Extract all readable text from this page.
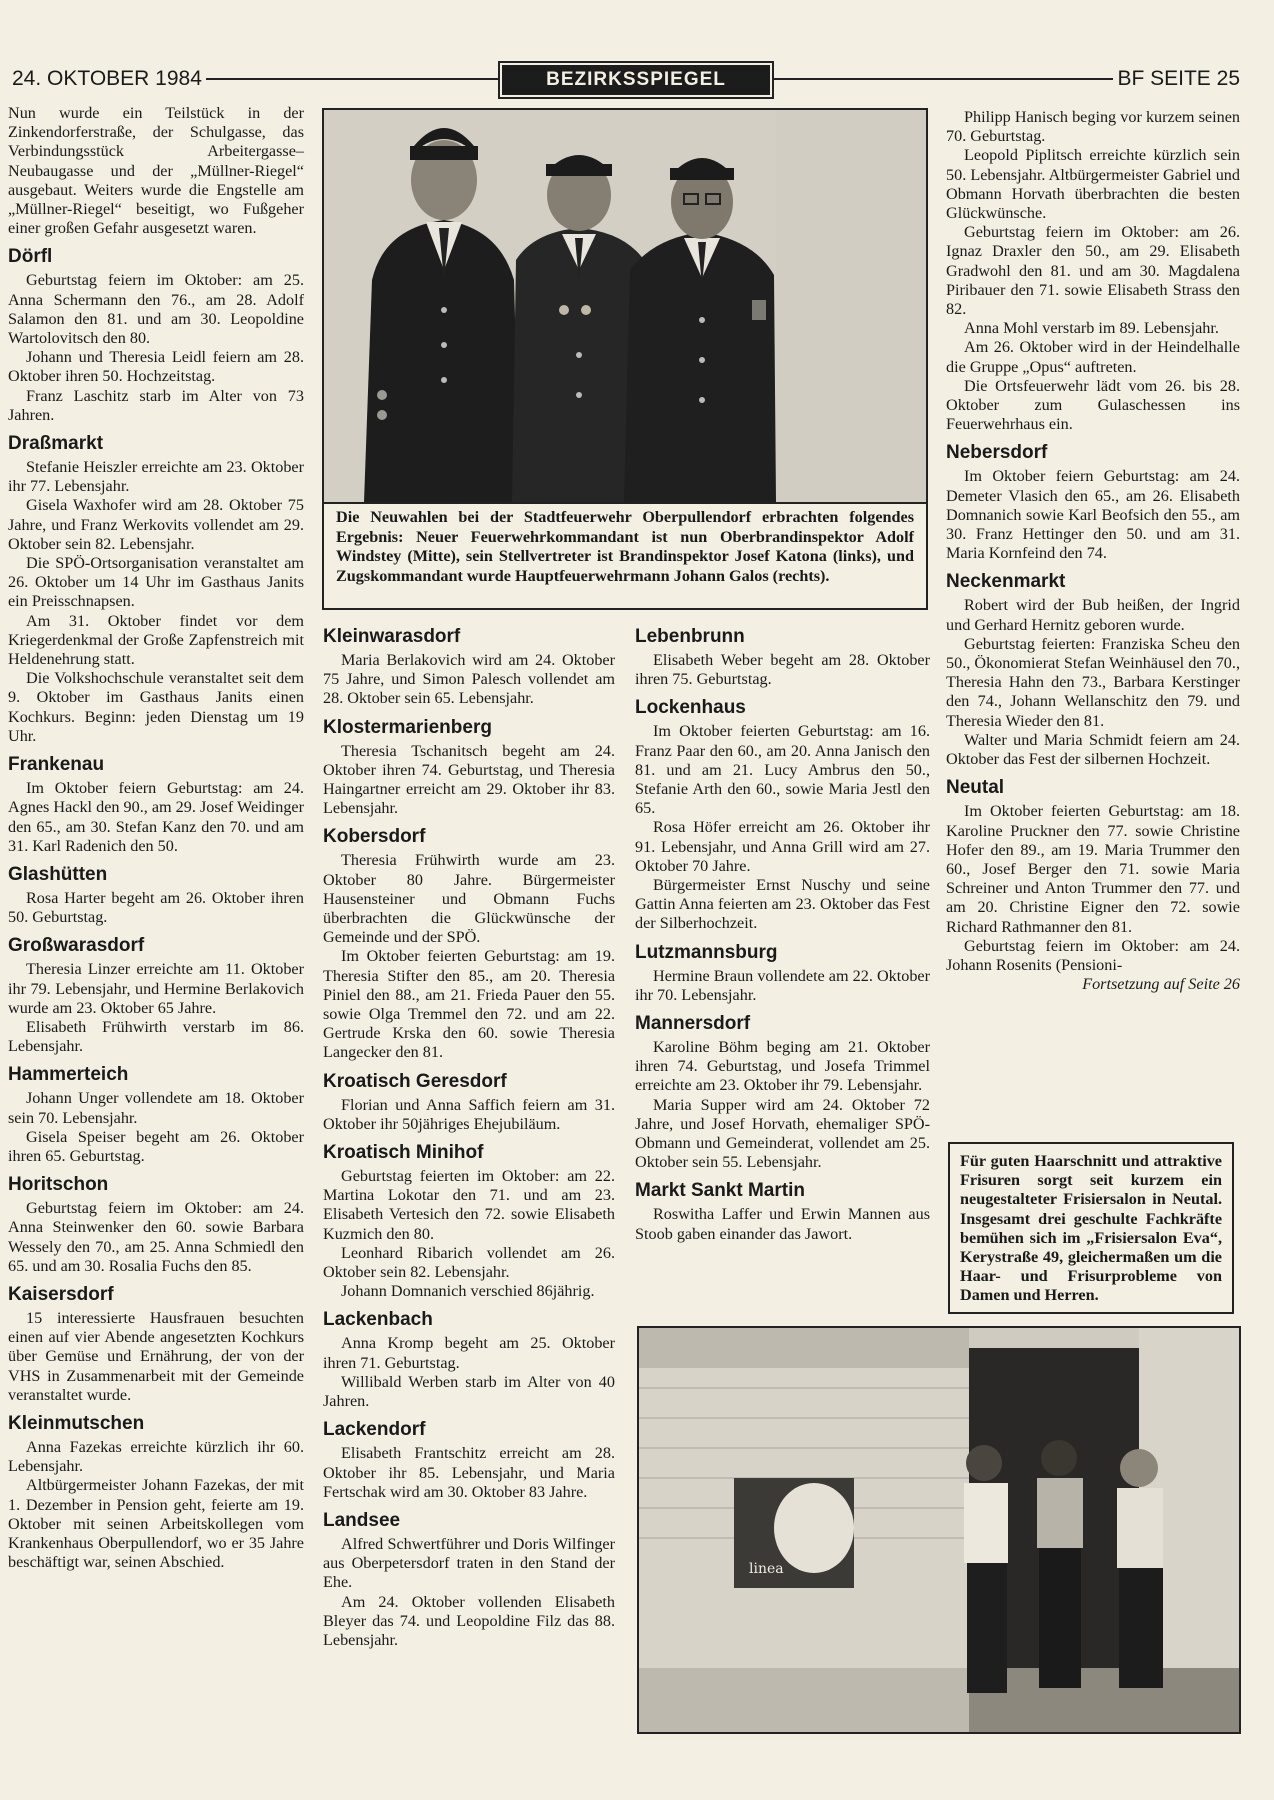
24. OKTOBER 1984	BEZIRKSSPIEGEL	BF SEITE 25

Nun wurde ein Teilstück in der Zinkendorferstraße, der Schulgasse, das Verbindungsstück Arbeitergasse–Neubaugasse und der „Müllner-Riegel“ ausgebaut. Weiters wurde die Engstelle am „Müllner-Riegel“ beseitigt, wo Fußgeher einer großen Gefahr ausgesetzt waren.

Dörfl

Geburtstag feiern im Oktober: am 25. Anna Schermann den 76., am 28. Adolf Salamon den 81. und am 30. Leopoldine Wartolovitsch den 80.

Johann und Theresia Leidl feiern am 28. Oktober ihren 50. Hochzeitstag.

Franz Laschitz starb im Alter von 73 Jahren.

Draßmarkt

Stefanie Heiszler erreichte am 23. Oktober ihr 77. Lebensjahr.

Gisela Waxhofer wird am 28. Oktober 75 Jahre, und Franz Werkovits vollendet am 29. Oktober sein 82. Lebensjahr.

Die SPÖ-Ortsorganisation veranstaltet am 26. Oktober um 14 Uhr im Gasthaus Janits ein Preisschnapsen.

Am 31. Oktober findet vor dem Kriegerdenkmal der Große Zapfenstreich mit Heldenehrung statt.

Die Volkshochschule veranstaltet seit dem 9. Oktober im Gasthaus Janits einen Kochkurs. Beginn: jeden Dienstag um 19 Uhr.

Frankenau

Im Oktober feiern Geburtstag: am 24. Agnes Hackl den 90., am 29. Josef Weidinger den 65., am 30. Stefan Kanz den 70. und am 31. Karl Radenich den 50.

Glashütten

Rosa Harter begeht am 26. Oktober ihren 50. Geburtstag.

Großwarasdorf

Theresia Linzer erreichte am 11. Oktober ihr 79. Lebensjahr, und Hermine Berlakovich wurde am 23. Oktober 65 Jahre.

Elisabeth Frühwirth verstarb im 86. Lebensjahr.

Hammerteich

Johann Unger vollendete am 18. Oktober sein 70. Lebensjahr.

Gisela Speiser begeht am 26. Oktober ihren 65. Geburtstag.

Horitschon

Geburtstag feiern im Oktober: am 24. Anna Steinwenker den 60. sowie Barbara Wessely den 70., am 25. Anna Schmiedl den 65. und am 30. Rosalia Fuchs den 85.

Kaisersdorf

15 interessierte Hausfrauen besuchten einen auf vier Abende angesetzten Kochkurs über Gemüse und Ernährung, der von der VHS in Zusammenarbeit mit der Gemeinde veranstaltet wurde.

Kleinmutschen

Anna Fazekas erreichte kürzlich ihr 60. Lebensjahr.

Altbürgermeister Johann Fazekas, der mit 1. Dezember in Pension geht, feierte am 19. Oktober mit seinen Arbeitskollegen vom Krankenhaus Oberpullendorf, wo er 35 Jahre beschäftigt war, seinen Abschied.

Die Neuwahlen bei der Stadtfeuerwehr Oberpullendorf erbrachten folgendes Ergebnis: Neuer Feuerwehrkommandant ist nun Oberbrandinspektor Adolf Windstey (Mitte), sein Stellvertreter ist Brandinspektor Josef Katona (links), und Zugskommandant wurde Hauptfeuerwehrmann Johann Galos (rechts).
Kleinwarasdorf

Maria Berlakovich wird am 24. Oktober 75 Jahre, und Simon Palesch vollendet am 28. Oktober sein 65. Lebensjahr.

Klostermarienberg

Theresia Tschanitsch begeht am 24. Oktober ihren 74. Geburtstag, und Theresia Haingartner erreicht am 29. Oktober ihr 83. Lebensjahr.

Kobersdorf

Theresia Frühwirth wurde am 23. Oktober 80 Jahre. Bürgermeister Hausensteiner und Obmann Fuchs überbrachten die Glückwünsche der Gemeinde und der SPÖ.

Im Oktober feierten Geburtstag: am 19. Theresia Stifter den 85., am 20. Theresia Piniel den 88., am 21. Frieda Pauer den 55. sowie Olga Tremmel den 72. und am 22. Gertrude Krska den 60. sowie Theresia Langecker den 81.

Kroatisch Geresdorf

Florian und Anna Saffich feiern am 31. Oktober ihr 50jähriges Ehejubiläum.

Kroatisch Minihof

Geburtstag feierten im Oktober: am 22. Martina Lokotar den 71. und am 23. Elisabeth Vertesich den 72. sowie Elisabeth Kuzmich den 80.

Leonhard Ribarich vollendet am 26. Oktober sein 82. Lebensjahr.

Johann Domnanich verschied 86jährig.

Lackenbach

Anna Kromp begeht am 25. Oktober ihren 71. Geburtstag.

Willibald Werben starb im Alter von 40 Jahren.

Lackendorf

Elisabeth Frantschitz erreicht am 28. Oktober ihr 85. Lebensjahr, und Maria Fertschak wird am 30. Oktober 83 Jahre.

Landsee

Alfred Schwertführer und Doris Wilfinger aus Oberpetersdorf traten in den Stand der Ehe.

Am 24. Oktober vollenden Elisabeth Bleyer das 74. und Leopoldine Filz das 88. Lebensjahr.

Lebenbrunn

Elisabeth Weber begeht am 28. Oktober ihren 75. Geburtstag.

Lockenhaus

Im Oktober feierten Geburtstag: am 16. Franz Paar den 60., am 20. Anna Janisch den 81. und am 21. Lucy Ambrus den 50., Stefanie Arth den 60., sowie Maria Jestl den 65.

Rosa Höfer erreicht am 26. Oktober ihr 91. Lebensjahr, und Anna Grill wird am 27. Oktober 70 Jahre.

Bürgermeister Ernst Nuschy und seine Gattin Anna feierten am 23. Oktober das Fest der Silberhochzeit.

Lutzmannsburg

Hermine Braun vollendete am 22. Oktober ihr 70. Lebensjahr.

Mannersdorf

Karoline Böhm beging am 21. Oktober ihren 74. Geburtstag, und Josefa Trimmel erreichte am 23. Oktober ihr 79. Lebensjahr.

Maria Supper wird am 24. Oktober 72 Jahre, und Josef Horvath, ehemaliger SPÖ-Obmann und Gemeinderat, vollendet am 25. Oktober sein 55. Lebensjahr.

Markt Sankt Martin

Roswitha Laffer und Erwin Mannen aus Stoob gaben einander das Jawort.

Philipp Hanisch beging vor kurzem seinen 70. Geburtstag.

Leopold Piplitsch erreichte kürzlich sein 50. Lebensjahr. Altbürgermeister Gabriel und Obmann Horvath überbrachten die besten Glückwünsche.

Geburtstag feiern im Oktober: am 26. Ignaz Draxler den 50., am 29. Elisabeth Gradwohl den 81. und am 30. Magdalena Piribauer den 71. sowie Elisabeth Strass den 82.

Anna Mohl verstarb im 89. Lebensjahr.

Am 26. Oktober wird in der Heindelhalle die Gruppe „Opus“ auftreten.

Die Ortsfeuerwehr lädt vom 26. bis 28. Oktober zum Gulaschessen ins Feuerwehrhaus ein.

Nebersdorf

Im Oktober feiern Geburtstag: am 24. Demeter Vlasich den 65., am 26. Elisabeth Domnanich sowie Karl Beofsich den 55., am 30. Franz Hettinger den 50. und am 31. Maria Kornfeind den 74.

Neckenmarkt

Robert wird der Bub heißen, der Ingrid und Gerhard Hernitz geboren wurde.

Geburtstag feierten: Franziska Scheu den 50., Ökonomierat Stefan Weinhäusel den 70., Theresia Hahn den 73., Barbara Kerstinger den 74., Johann Wellanschitz den 79. und Theresia Wieder den 81.

Walter und Maria Schmidt feiern am 24. Oktober das Fest der silbernen Hochzeit.

Neutal

Im Oktober feierten Geburtstag: am 18. Karoline Pruckner den 77. sowie Christine Hofer den 89., am 19. Maria Trummer den 60., Josef Berger den 71. sowie Maria Schreiner und Anton Trummer den 77. und am 20. Christine Eigner den 72. sowie Richard Rathmanner den 81.

Geburtstag feiern im Oktober: am 24. Johann Rosenits (Pensioni-

Fortsetzung auf Seite 26

Für guten Haarschnitt und attraktive Frisuren sorgt seit kurzem ein neugestalteter Frisiersalon in Neutal. Insgesamt drei geschulte Fachkräfte bemühen sich im „Frisiersalon Eva“, Kerystraße 49, gleichermaßen um die Haar- und Frisurprobleme von Damen und Herren.
linea
